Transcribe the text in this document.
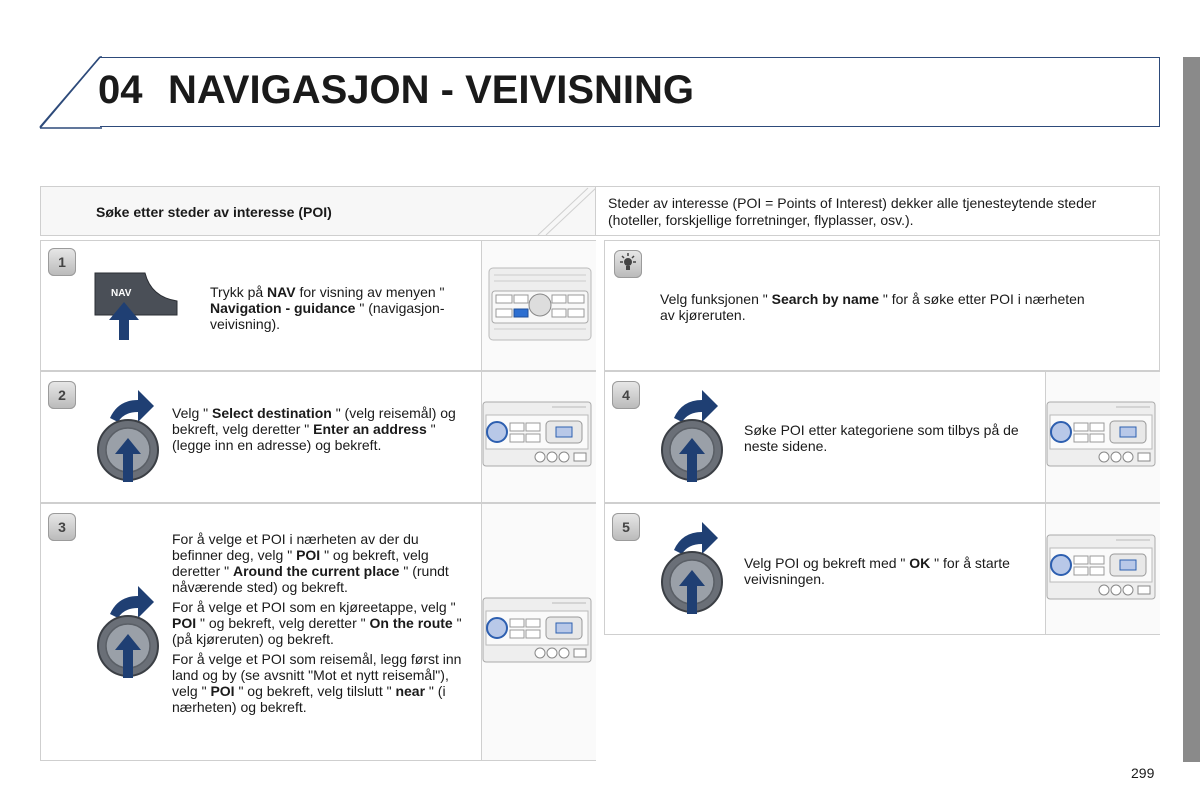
04 NAVIGASJON - VEIVISNING
Søke etter steder av interesse (POI)
Steder av interesse (POI = Points of Interest) dekker alle tjenesteytende steder (hoteller, forskjellige forretninger, flyplasser, osv.).
1
NAV	Trykk på NAV for visning av menyen " Navigation - guidance " (navigasjon-veivisning).
2
Velg " Select destination " (velg reisemål) og bekreft, velg deretter " Enter an address " (legge inn en adresse) og bekreft.
3

For å velge et POI i nærheten av der du befinner deg, velg " POI " og bekreft, velg deretter " Around the current place " (rundt nåværende sted) og bekreft.

For å velge et POI som en kjøreetappe, velg " POI " og bekreft, velg deretter " On the route " (på kjøreruten) og bekreft.

For å velge et POI som reisemål, legg først inn land og by (se avsnitt "Mot et nytt reisemål"), velg " POI " og bekreft, velg tilslutt " near " (i nærheten) og bekreft.

Velg funksjonen " Search by name " for å søke etter POI i nærheten av kjøreruten.
4
Søke POI etter kategoriene som tilbys på de neste sidene.
5
Velg POI og bekreft med " OK " for å starte veivisningen.
299
